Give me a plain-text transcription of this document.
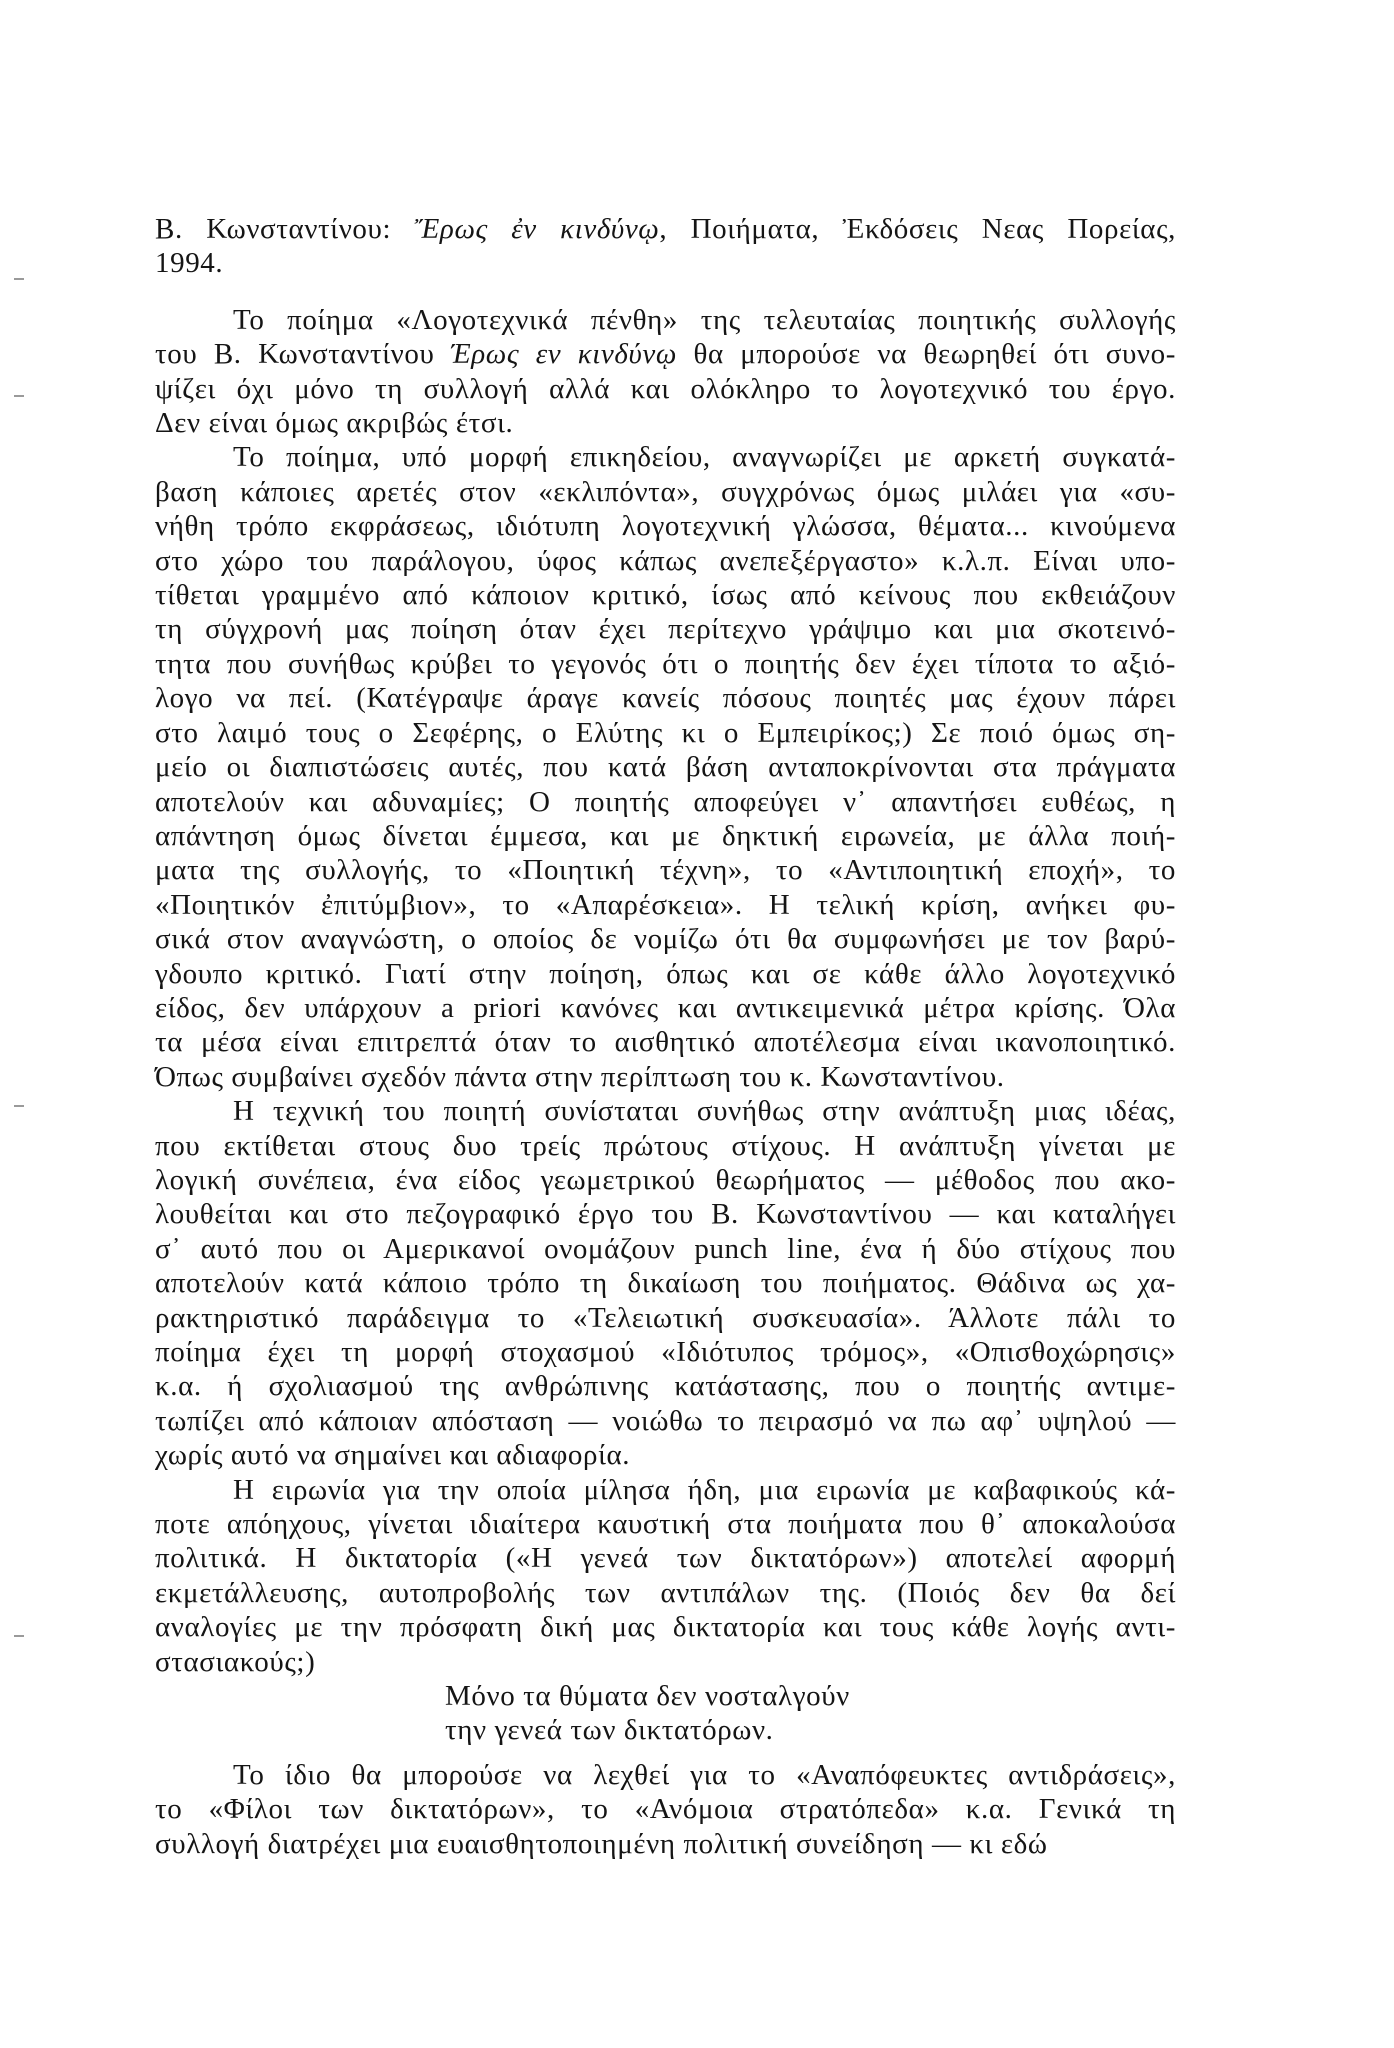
Β. Κωνσταντίνου: Ἔρως ἐν κινδύνῳ, Ποιήματα, Ἐκδόσεις Νεας Πορείας,
1994.
Το ποίημα «Λογοτεχνικά πένθη» της τελευταίας ποιητικής συλλογής
του Β. Κωνσταντίνου Έρως εν κινδύνῳ θα μπορούσε να θεωρηθεί ότι συνο-
ψίζει όχι μόνο τη συλλογή αλλά και ολόκληρο το λογοτεχνικό του έργο.
Δεν είναι όμως ακριβώς έτσι.
Το ποίημα, υπό μορφή επικηδείου, αναγνωρίζει με αρκετή συγκατά-
βαση κάποιες αρετές στον «εκλιπόντα», συγχρόνως όμως μιλάει για «συ-
νήθη τρόπο εκφράσεως, ιδιότυπη λογοτεχνική γλώσσα, θέματα... κινούμενα
στο χώρο του παράλογου, ύφος κάπως ανεπεξέργαστο» κ.λ.π. Είναι υπο-
τίθεται γραμμένο από κάποιον κριτικό, ίσως από κείνους που εκθειάζουν
τη σύγχρονή μας ποίηση όταν έχει περίτεχνο γράψιμο και μια σκοτεινό-
τητα που συνήθως κρύβει το γεγονός ότι ο ποιητής δεν έχει τίποτα το αξιό-
λογο να πεί. (Κατέγραψε άραγε κανείς πόσους ποιητές μας έχουν πάρει
στο λαιμό τους ο Σεφέρης, ο Ελύτης κι ο Εμπειρίκος;) Σε ποιό όμως ση-
μείο οι διαπιστώσεις αυτές, που κατά βάση ανταποκρίνονται στα πράγματα
αποτελούν και αδυναμίες; Ο ποιητής αποφεύγει ν᾽ απαντήσει ευθέως, η
απάντηση όμως δίνεται έμμεσα, και με δηκτική ειρωνεία, με άλλα ποιή-
ματα της συλλογής, το «Ποιητική τέχνη», το «Αντιποιητική εποχή», το
«Ποιητικόν ἐπιτύμβιον», το «Απαρέσκεια». Η τελική κρίση, ανήκει φυ-
σικά στον αναγνώστη, ο οποίος δε νομίζω ότι θα συμφωνήσει με τον βαρύ-
γδουπο κριτικό. Γιατί στην ποίηση, όπως και σε κάθε άλλο λογοτεχνικό
είδος, δεν υπάρχουν a priori κανόνες και αντικειμενικά μέτρα κρίσης. Όλα
τα μέσα είναι επιτρεπτά όταν το αισθητικό αποτέλεσμα είναι ικανοποιητικό.
Όπως συμβαίνει σχεδόν πάντα στην περίπτωση του κ. Κωνσταντίνου.
Η τεχνική του ποιητή συνίσταται συνήθως στην ανάπτυξη μιας ιδέας,
που εκτίθεται στους δυο τρείς πρώτους στίχους. Η ανάπτυξη γίνεται με
λογική συνέπεια, ένα είδος γεωμετρικού θεωρήματος — μέθοδος που ακο-
λουθείται και στο πεζογραφικό έργο του Β. Κωνσταντίνου — και καταλήγει
σ᾽ αυτό που οι Αμερικανοί ονομάζουν punch line, ένα ή δύο στίχους που
αποτελούν κατά κάποιο τρόπο τη δικαίωση του ποιήματος. Θάδινα ως χα-
ρακτηριστικό παράδειγμα το «Τελειωτική συσκευασία». Άλλοτε πάλι το
ποίημα έχει τη μορφή στοχασμού «Ιδιότυπος τρόμος», «Οπισθοχώρησις»
κ.α. ή σχολιασμού της ανθρώπινης κατάστασης, που ο ποιητής αντιμε-
τωπίζει από κάποιαν απόσταση — νοιώθω το πειρασμό να πω αφ᾽ υψηλού —
χωρίς αυτό να σημαίνει και αδιαφορία.
Η ειρωνία για την οποία μίλησα ήδη, μια ειρωνία με καβαφικούς κά-
ποτε απόηχους, γίνεται ιδιαίτερα καυστική στα ποιήματα που θ᾽ αποκαλούσα
πολιτικά. Η δικτατορία («Η γενεά των δικτατόρων») αποτελεί αφορμή
εκμετάλλευσης, αυτοπροβολής των αντιπάλων της. (Ποιός δεν θα δεί
αναλογίες με την πρόσφατη δική μας δικτατορία και τους κάθε λογής αντι-
στασιακούς;)
Μόνο τα θύματα δεν νοσταλγούν
την γενεά των δικτατόρων.
Το ίδιο θα μπορούσε να λεχθεί για το «Αναπόφευκτες αντιδράσεις»,
το «Φίλοι των δικτατόρων», το «Ανόμοια στρατόπεδα» κ.α. Γενικά τη
συλλογή διατρέχει μια ευαισθητοποιημένη πολιτική συνείδηση — κι εδώ
